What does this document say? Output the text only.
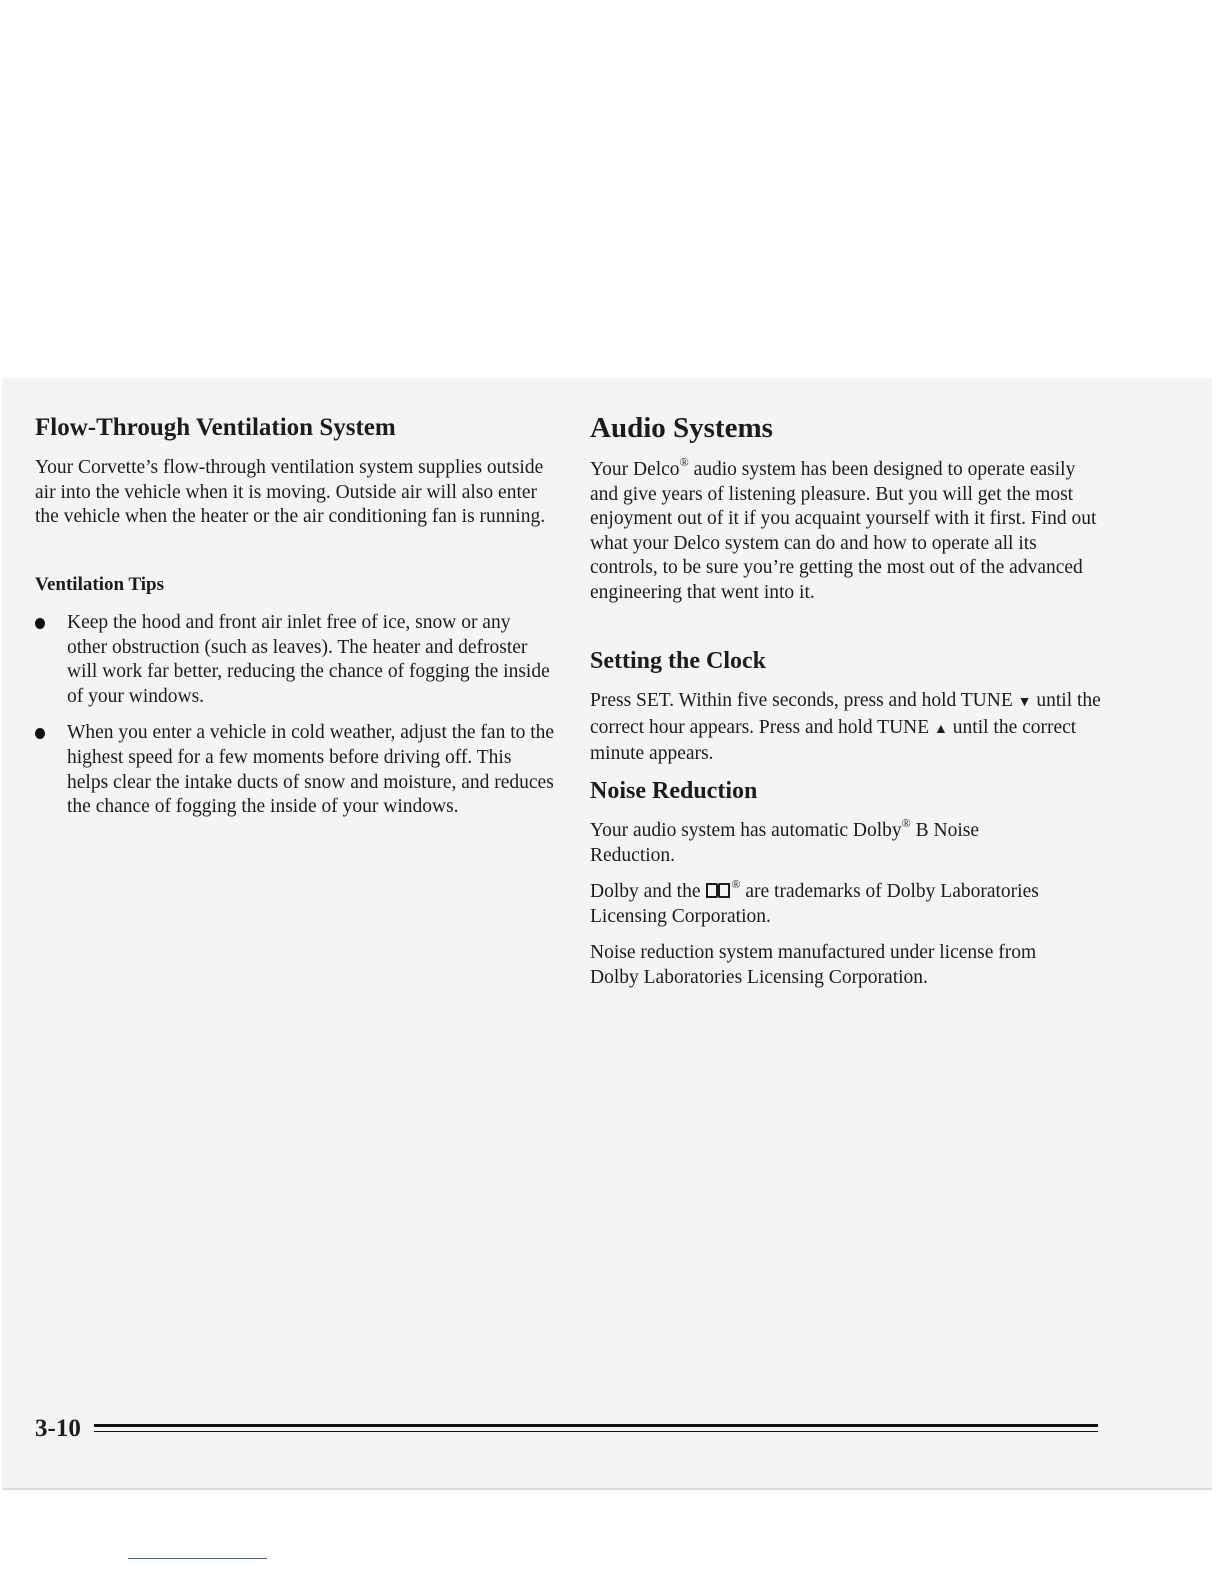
Flow-Through Ventilation System

Your Corvette’s flow-through ventilation system supplies outside air into the vehicle when it is moving. Outside air will also enter the vehicle when the heater or the air conditioning fan is running.

Ventilation Tips
Keep the hood and front air inlet free of ice, snow or any other obstruction (such as leaves). The heater and defroster will work far better, reducing the chance of fogging the inside of your windows.
When you enter a vehicle in cold weather, adjust the fan to the highest speed for a few moments before driving off. This helps clear the intake ducts of snow and moisture, and reduces the chance of fogging the inside of your windows.
Audio Systems

Your Delco® audio system has been designed to operate easily and give years of listening pleasure. But you will get the most enjoyment out of it if you acquaint yourself with it first. Find out what your Delco system can do and how to operate all its controls, to be sure you’re getting the most out of the advanced engineering that went into it.

Setting the Clock

Press SET. Within five seconds, press and hold TUNE ▼ until the correct hour appears. Press and hold TUNE ▲ until the correct minute appears.

Noise Reduction

Your audio system has automatic Dolby® B Noise Reduction.

Dolby and the
® are trademarks of Dolby Laboratories Licensing Corporation.

Noise reduction system manufactured under license from Dolby Laboratories Licensing Corporation.

3-10
